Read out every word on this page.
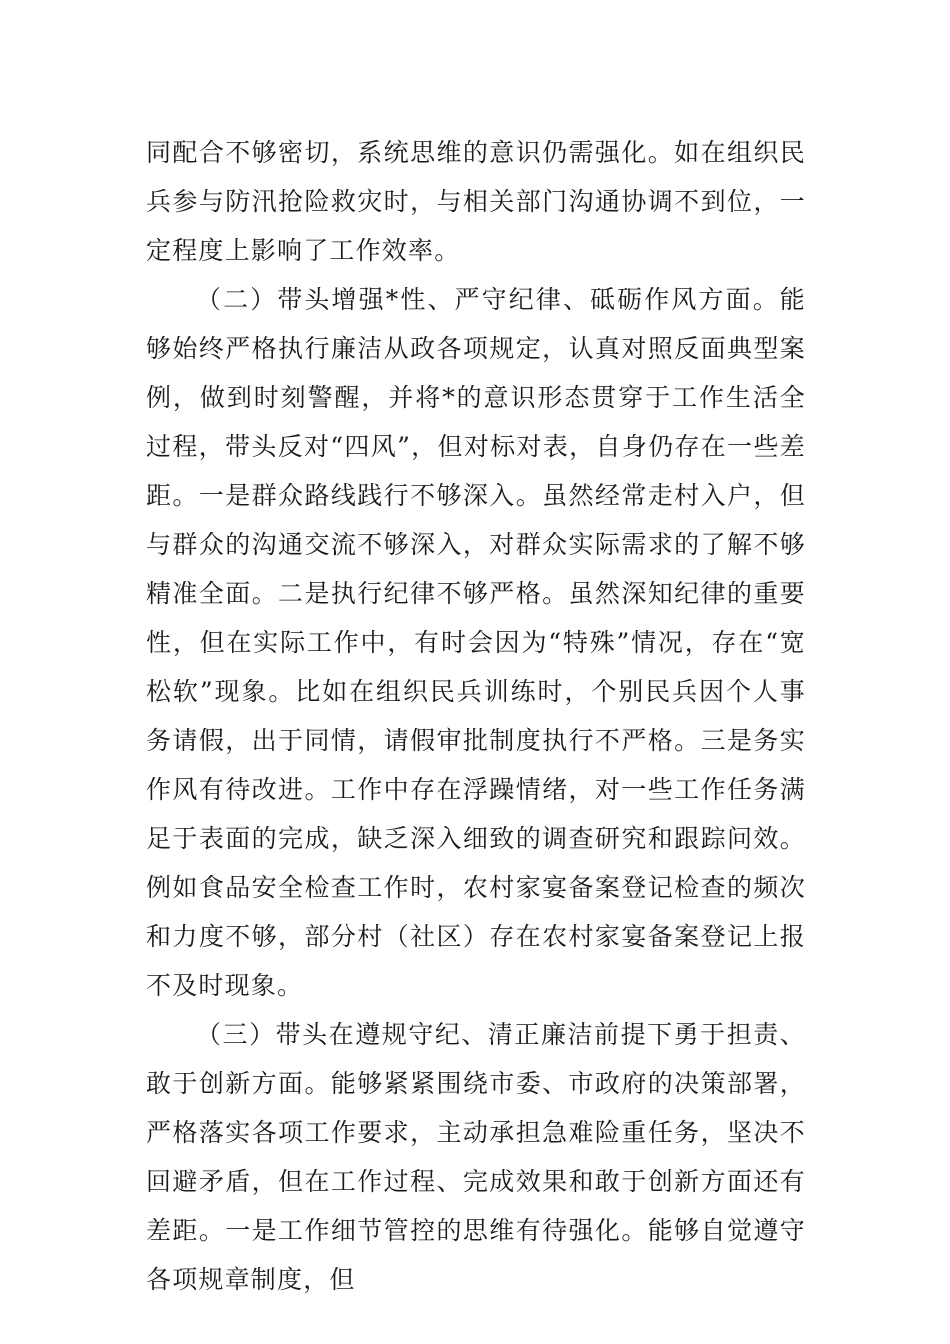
同配合不够密切，系统思维的意识仍需强化。如在组织民兵参与防汛抢险救灾时，与相关部门沟通协调不到位，一定程度上影响了工作效率。

（二）带头增强*性、严守纪律、砥砺作风方面。能够始终严格执行廉洁从政各项规定，认真对照反面典型案例，做到时刻警醒，并将*的意识形态贯穿于工作生活全过程，带头反对“四风”，但对标对表，自身仍存在一些差距。一是群众路线践行不够深入。虽然经常走村入户，但与群众的沟通交流不够深入，对群众实际需求的了解不够精准全面。二是执行纪律不够严格。虽然深知纪律的重要性，但在实际工作中，有时会因为“特殊”情况，存在“宽松软”现象。比如在组织民兵训练时，个别民兵因个人事务请假，出于同情，请假审批制度执行不严格。三是务实作风有待改进。工作中存在浮躁情绪，对一些工作任务满足于表面的完成，缺乏深入细致的调查研究和跟踪问效。例如食品安全检查工作时，农村家宴备案登记检查的频次和力度不够，部分村（社区）存在农村家宴备案登记上报不及时现象。

（三）带头在遵规守纪、清正廉洁前提下勇于担责、敢于创新方面。能够紧紧围绕市委、市政府的决策部署，严格落实各项工作要求，主动承担急难险重任务，坚决不回避矛盾，但在工作过程、完成效果和敢于创新方面还有差距。一是工作细节管控的思维有待强化。能够自觉遵守各项规章制度，但
